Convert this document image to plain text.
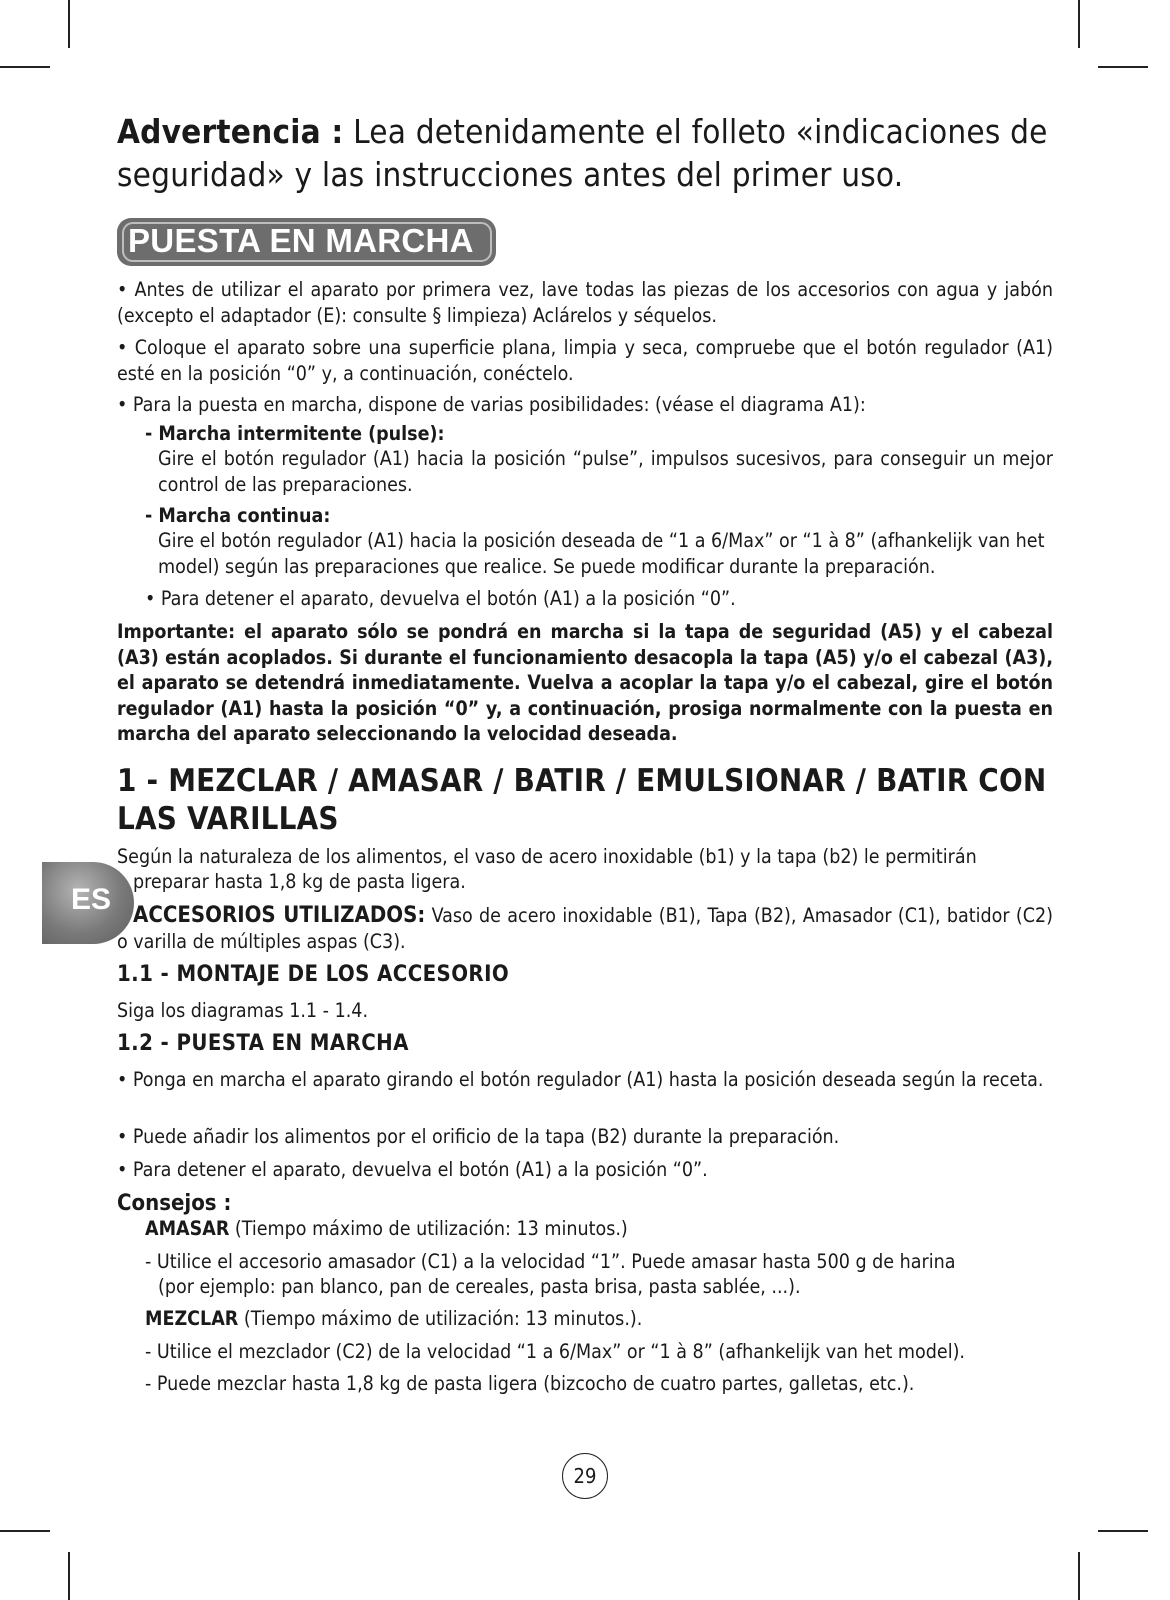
ES
Advertencia : Lea detenidamente el folleto «indicaciones de seguridad» y las instrucciones antes del primer uso.
PUESTA EN MARCHA
• Antes de utilizar el aparato por primera vez, lave todas las piezas de los accesorios con agua y jabón (excepto el adaptador (E): consulte § limpieza) Aclárelos y séquelos.
• Coloque el aparato sobre una superficie plana, limpia y seca, compruebe que el botón regulador (A1) esté en la posición “0” y, a continuación, conéctelo.
• Para la puesta en marcha, dispone de varias posibilidades: (véase el diagrama A1):
- Marcha intermitente (pulse):
Gire el botón regulador (A1) hacia la posición “pulse”, impulsos sucesivos, para conseguir un mejor control de las preparaciones.
- Marcha continua:
Gire el botón regulador (A1) hacia la posición deseada de “1 a 6/Max” or “1 à 8” (afhankelijk van het model) según las preparaciones que realice. Se puede modificar durante la preparación.
• Para detener el aparato, devuelva el botón (A1) a la posición “0”.
Importante: el aparato sólo se pondrá en marcha si la tapa de seguridad (A5) y el cabezal (A3) están acoplados. Si durante el funcionamiento desacopla la tapa (A5) y/o el cabezal (A3), el aparato se detendrá inmediatamente. Vuelva a acoplar la tapa y/o el cabezal, gire el botón regulador (A1) hasta la posición “0” y, a continuación, prosiga normalmente con la puesta en marcha del aparato seleccionando la velocidad deseada.
1 - MEZCLAR / AMASAR / BATIR / EMULSIONAR / BATIR CON LAS VARILLAS
Según la naturaleza de los alimentos, el vaso de acero inoxidable (b1) y la tapa (b2) le permitirán
preparar hasta 1,8 kg de pasta ligera.
ACCESORIOS UTILIZADOS: Vaso de acero inoxidable (B1), Tapa (B2), Amasador (C1), batidor (C2) o varilla de múltiples aspas (C3).
1.1 - MONTAJE DE LOS ACCESORIO
Siga los diagramas 1.1 - 1.4.
1.2 - PUESTA EN MARCHA
• Ponga en marcha el aparato girando el botón regulador (A1) hasta la posición deseada según la receta.
• Puede añadir los alimentos por el orificio de la tapa (B2) durante la preparación.
• Para detener el aparato, devuelva el botón (A1) a la posición “0”.
Consejos :
AMASAR (Tiempo máximo de utilización: 13 minutos.)
- Utilice el accesorio amasador (C1) a la velocidad “1”. Puede amasar hasta 500 g de harina
(por ejemplo: pan blanco, pan de cereales, pasta brisa, pasta sablée, ...).
MEZCLAR (Tiempo máximo de utilización: 13 minutos.).
- Utilice el mezclador (C2) de la velocidad “1 a 6/Max” or “1 à 8” (afhankelijk van het model).
- Puede mezclar hasta 1,8 kg de pasta ligera (bizcocho de cuatro partes, galletas, etc.).
29
